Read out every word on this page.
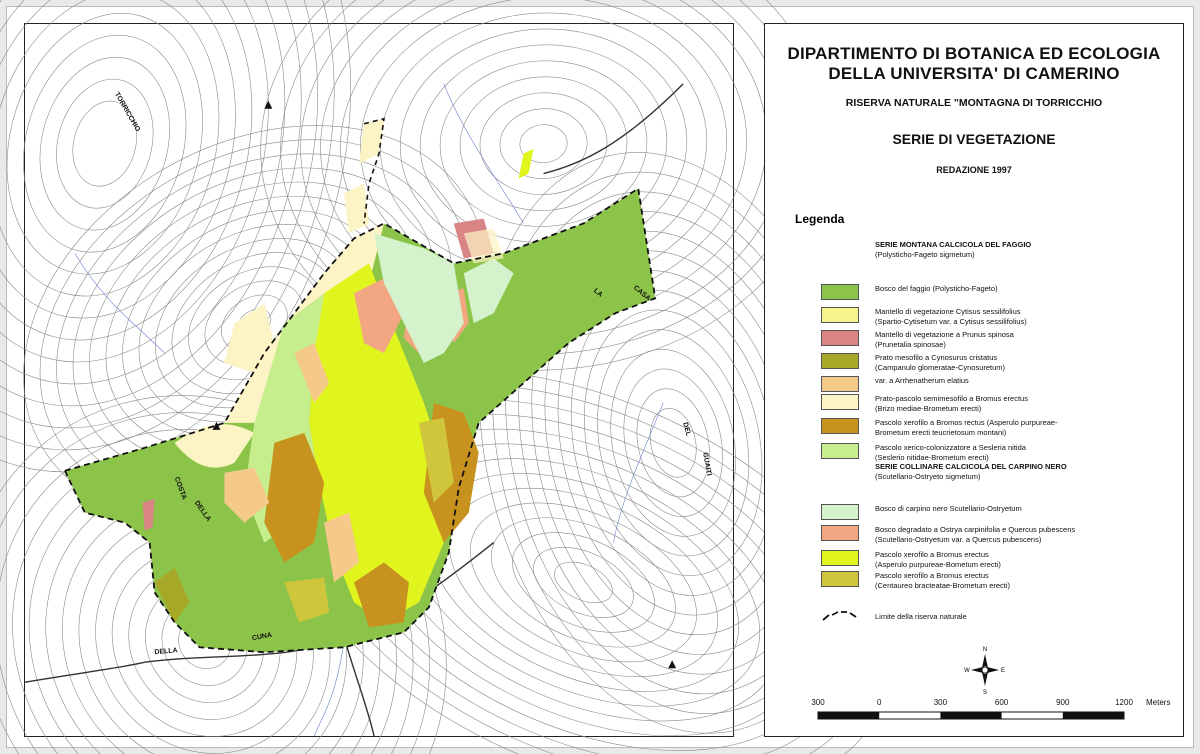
COSTA
DELLA
LA	CASA
DEL
GUAITI
CUNA
DELLA
TORRICCHIO
DIPARTIMENTO DI BOTANICA ED ECOLOGIA
DELLA UNIVERSITA' DI CAMERINO
RISERVA NATURALE "MONTAGNA DI TORRICCHIO
SERIE DI VEGETAZIONE
REDAZIONE 1997
Legenda
SERIE MONTANA CALCICOLA DEL FAGGIO
(Polysticho-Fageto sigmetum)
Bosco del faggio (Polysticho-Fageto)
Mantello di vegetazione Cytisus sessilifolius
(Spartio-Cytisetum var. a Cytisus sessilifolius)
Mantello di vegetazione a Prunus spinosa
(Prunetalia spinosae)
Prato mesofilo a Cynosurus cristatus
(Campanulo glomeratae-Cynosuretum)
var. a Arrhenatherum elatius
Prato-pascolo semimesofilo a Bromus erectus
(Brizo mediae-Brometum erecti)
Pascolo xerofilo a Bromos rectus (Asperulo purpureae-
Brometum erecti teucrietosum montani)
Pascolo xerico-colonizzatore a Sesleria nitida
(Seslerio nitidae-Brometum erecti)
SERIE COLLINARE CALCICOLA DEL CARPINO NERO
(Scutellario-Ostryeto sigmetum)
Bosco di carpino nero Scutellario-Ostryetum
Bosco degradato a Ostrya carpinifolia e Quercus pubescens
(Scutellario-Ostryetum var. a Quercus pubescens)
Pascolo xerofilo a Bromus erectus
(Asperulo purpureae-Bometum erecti)
Pascolo xerofilo a Bromus erectus
(Centaureo bracteatae-Brometum erecti)
Limite della riserva naturale
N
S
W	E
300	0	300	600	900	1200 Meters
